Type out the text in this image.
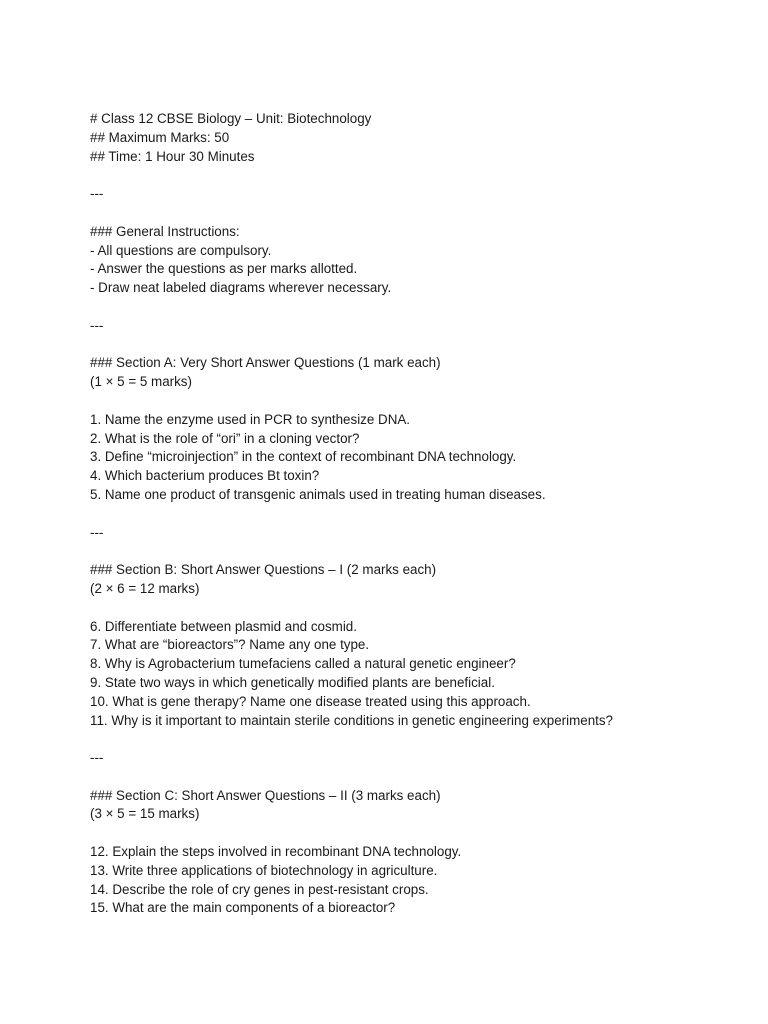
# Class 12 CBSE Biology – Unit: Biotechnology
## Maximum Marks: 50
## Time: 1 Hour 30 Minutes
---
### General Instructions:
- All questions are compulsory.
- Answer the questions as per marks allotted.
- Draw neat labeled diagrams wherever necessary.
---
### Section A: Very Short Answer Questions (1 mark each)
(1 × 5 = 5 marks)
1. Name the enzyme used in PCR to synthesize DNA.
2. What is the role of “ori” in a cloning vector?
3. Define “microinjection” in the context of recombinant DNA technology.
4. Which bacterium produces Bt toxin?
5. Name one product of transgenic animals used in treating human diseases.
---
### Section B: Short Answer Questions – I (2 marks each)
(2 × 6 = 12 marks)
6. Differentiate between plasmid and cosmid.
7. What are “bioreactors”? Name any one type.
8. Why is Agrobacterium tumefaciens called a natural genetic engineer?
9. State two ways in which genetically modified plants are beneficial.
10. What is gene therapy? Name one disease treated using this approach.
11. Why is it important to maintain sterile conditions in genetic engineering experiments?
---
### Section C: Short Answer Questions – II (3 marks each)
(3 × 5 = 15 marks)
12. Explain the steps involved in recombinant DNA technology.
13. Write three applications of biotechnology in agriculture.
14. Describe the role of cry genes in pest-resistant crops.
15. What are the main components of a bioreactor?
